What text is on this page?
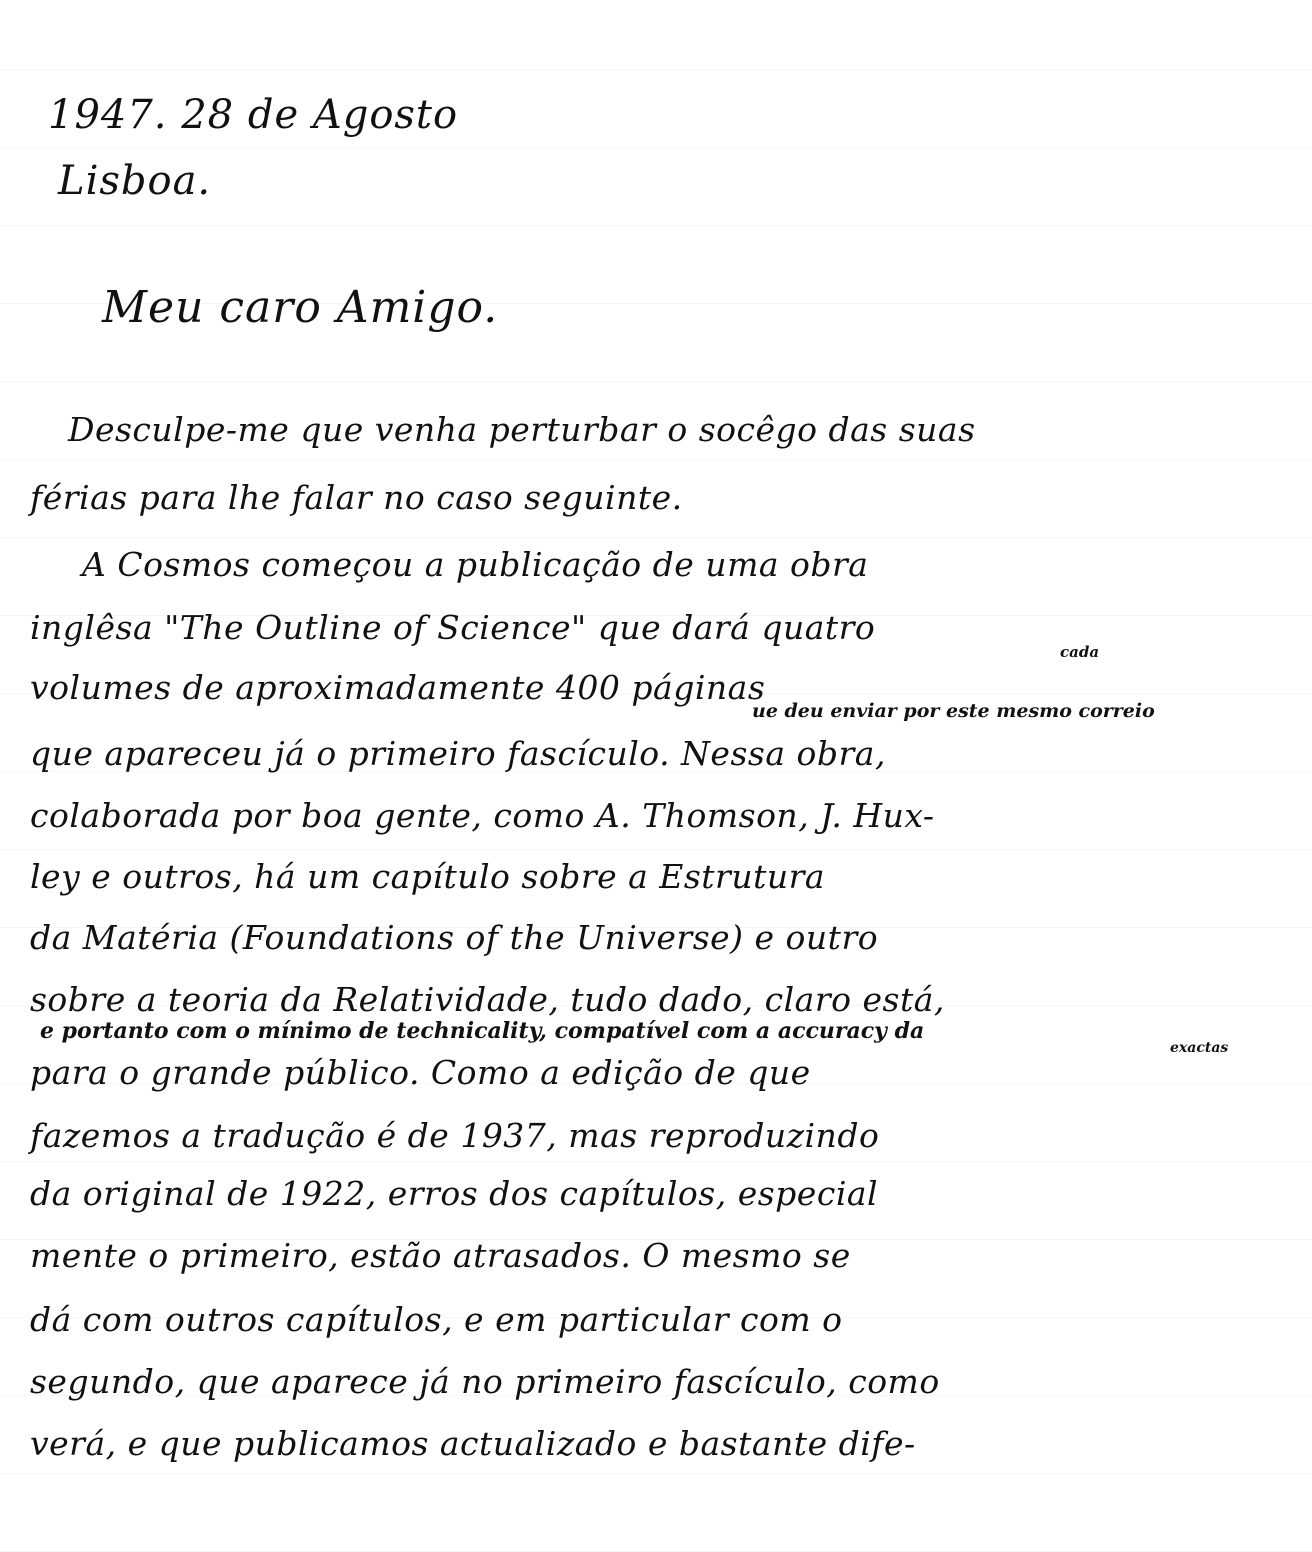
1947. 28 de Agosto
Lisboa.
Meu caro Amigo.
Desculpe-me que venha perturbar o socêgo das suas
férias para lhe falar no caso seguinte.
A Cosmos começou a publicação de uma obra
inglêsa "The Outline of Science" que dará quatro
volumes de aproximadamente 400 páginas
cada
ue deu enviar por este mesmo correio
que apareceu já o primeiro fascículo. Nessa obra,
colaborada por boa gente, como A. Thomson, J. Hux-
ley e outros, há um capítulo sobre a Estrutura
da Matéria (Foundations of the Universe) e outro
sobre a teoria da Relatividade, tudo dado, claro está,
e portanto com o mínimo de technicality, compatível com a accuracy da
exactas
para o grande público. Como a edição de que
fazemos a tradução é de 1937, mas reproduzindo
da original de 1922, erros dos capítulos, especial
mente o primeiro, estão atrasados. O mesmo se
dá com outros capítulos, e em particular com o
segundo, que aparece já no primeiro fascículo, como
verá, e que publicamos actualizado e bastante dife-
